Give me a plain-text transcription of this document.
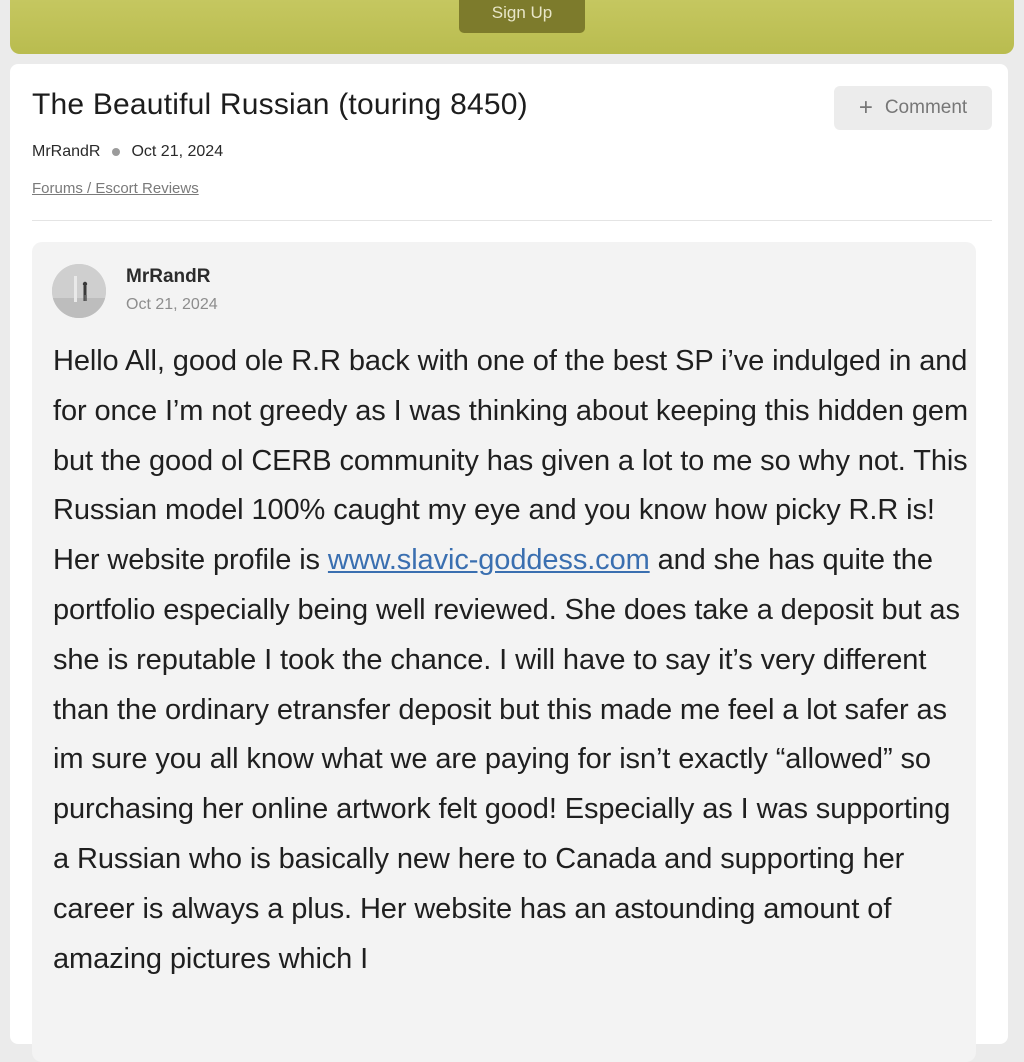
Sign Up
The Beautiful Russian (touring 8450)	+ Comment
MrRandR Oct 21, 2024
Forums / Escort Reviews
MrRandR
Oct 21, 2024

Hello All, good ole R.R back with one of the best SP i’ve indulged in and for once I’m not greedy as I was thinking about keeping this hidden gem but the good ol CERB community has given a lot to me so why not. This Russian model 100% caught my eye and you know how picky R.R is! Her website profile is www.slavic-goddess.com and she has quite the portfolio especially being well reviewed. She does take a deposit but as she is reputable I took the chance. I will have to say it’s very different than the ordinary etransfer deposit but this made me feel a lot safer as im sure you all know what we are paying for isn’t exactly “allowed” so purchasing her online artwork felt good! Especially as I was supporting a Russian who is basically new here to Canada and supporting her career is always a plus. Her website has an astounding amount of amazing pictures which I
